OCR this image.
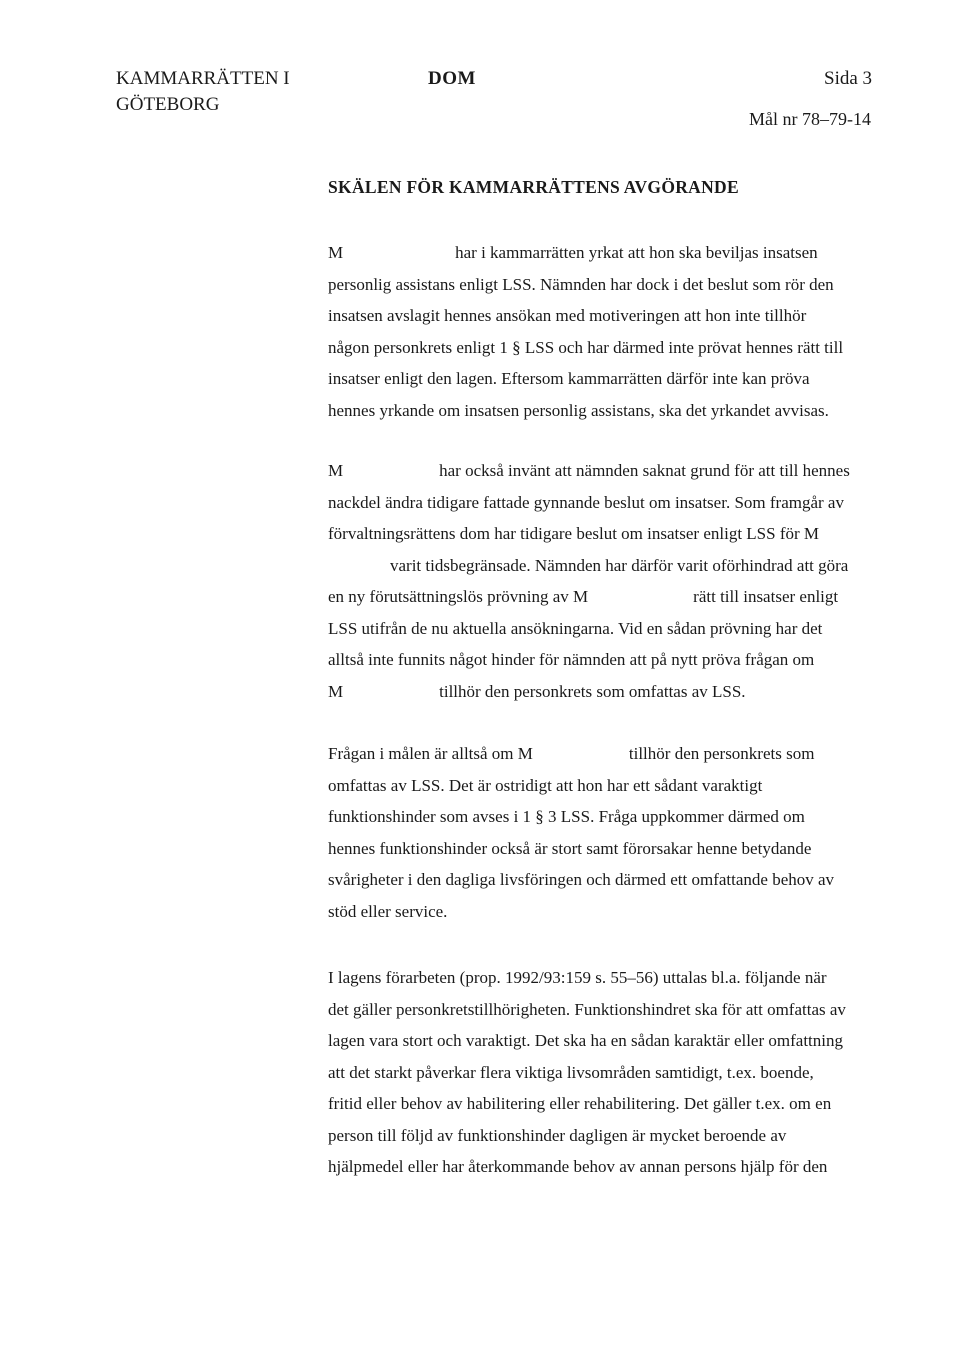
KAMMARRÄTTEN I
GÖTEBORG
DOM	Sida 3
Mål nr 78–79-14
SKÄLEN FÖR KAMMARRÄTTENS AVGÖRANDE
M	har i kammarrätten yrkat att hon ska beviljas insatsen
personlig assistans enligt LSS. Nämnden har dock i det beslut som rör den
insatsen avslagit hennes ansökan med motiveringen att hon inte tillhör
någon personkrets enligt 1 § LSS och har därmed inte prövat hennes rätt till
insatser enligt den lagen. Eftersom kammarrätten därför inte kan pröva
hennes yrkande om insatsen personlig assistans, ska det yrkandet avvisas.
M	har också invänt att nämnden saknat grund för att till hennes
nackdel ändra tidigare fattade gynnande beslut om insatser. Som framgår av
förvaltningsrättens dom har tidigare beslut om insatser enligt LSS för M
varit tidsbegränsade. Nämnden har därför varit oförhindrad att göra
en ny förutsättningslös prövning av M	rätt till insatser enligt
LSS utifrån de nu aktuella ansökningarna. Vid en sådan prövning har det
alltså inte funnits något hinder för nämnden att på nytt pröva frågan om
M	tillhör den personkrets som omfattas av LSS.
Frågan i målen är alltså om M	tillhör den personkrets som
omfattas av LSS. Det är ostridigt att hon har ett sådant varaktigt
funktionshinder som avses i 1 § 3 LSS. Fråga uppkommer därmed om
hennes funktionshinder också är stort samt förorsakar henne betydande
svårigheter i den dagliga livsföringen och därmed ett omfattande behov av
stöd eller service.
I lagens förarbeten (prop. 1992/93:159 s. 55–56) uttalas bl.a. följande när
det gäller personkretstillhörigheten. Funktionshindret ska för att omfattas av
lagen vara stort och varaktigt. Det ska ha en sådan karaktär eller omfattning
att det starkt påverkar flera viktiga livsområden samtidigt, t.ex. boende,
fritid eller behov av habilitering eller rehabilitering. Det gäller t.ex. om en
person till följd av funktionshinder dagligen är mycket beroende av
hjälpmedel eller har återkommande behov av annan persons hjälp för den
